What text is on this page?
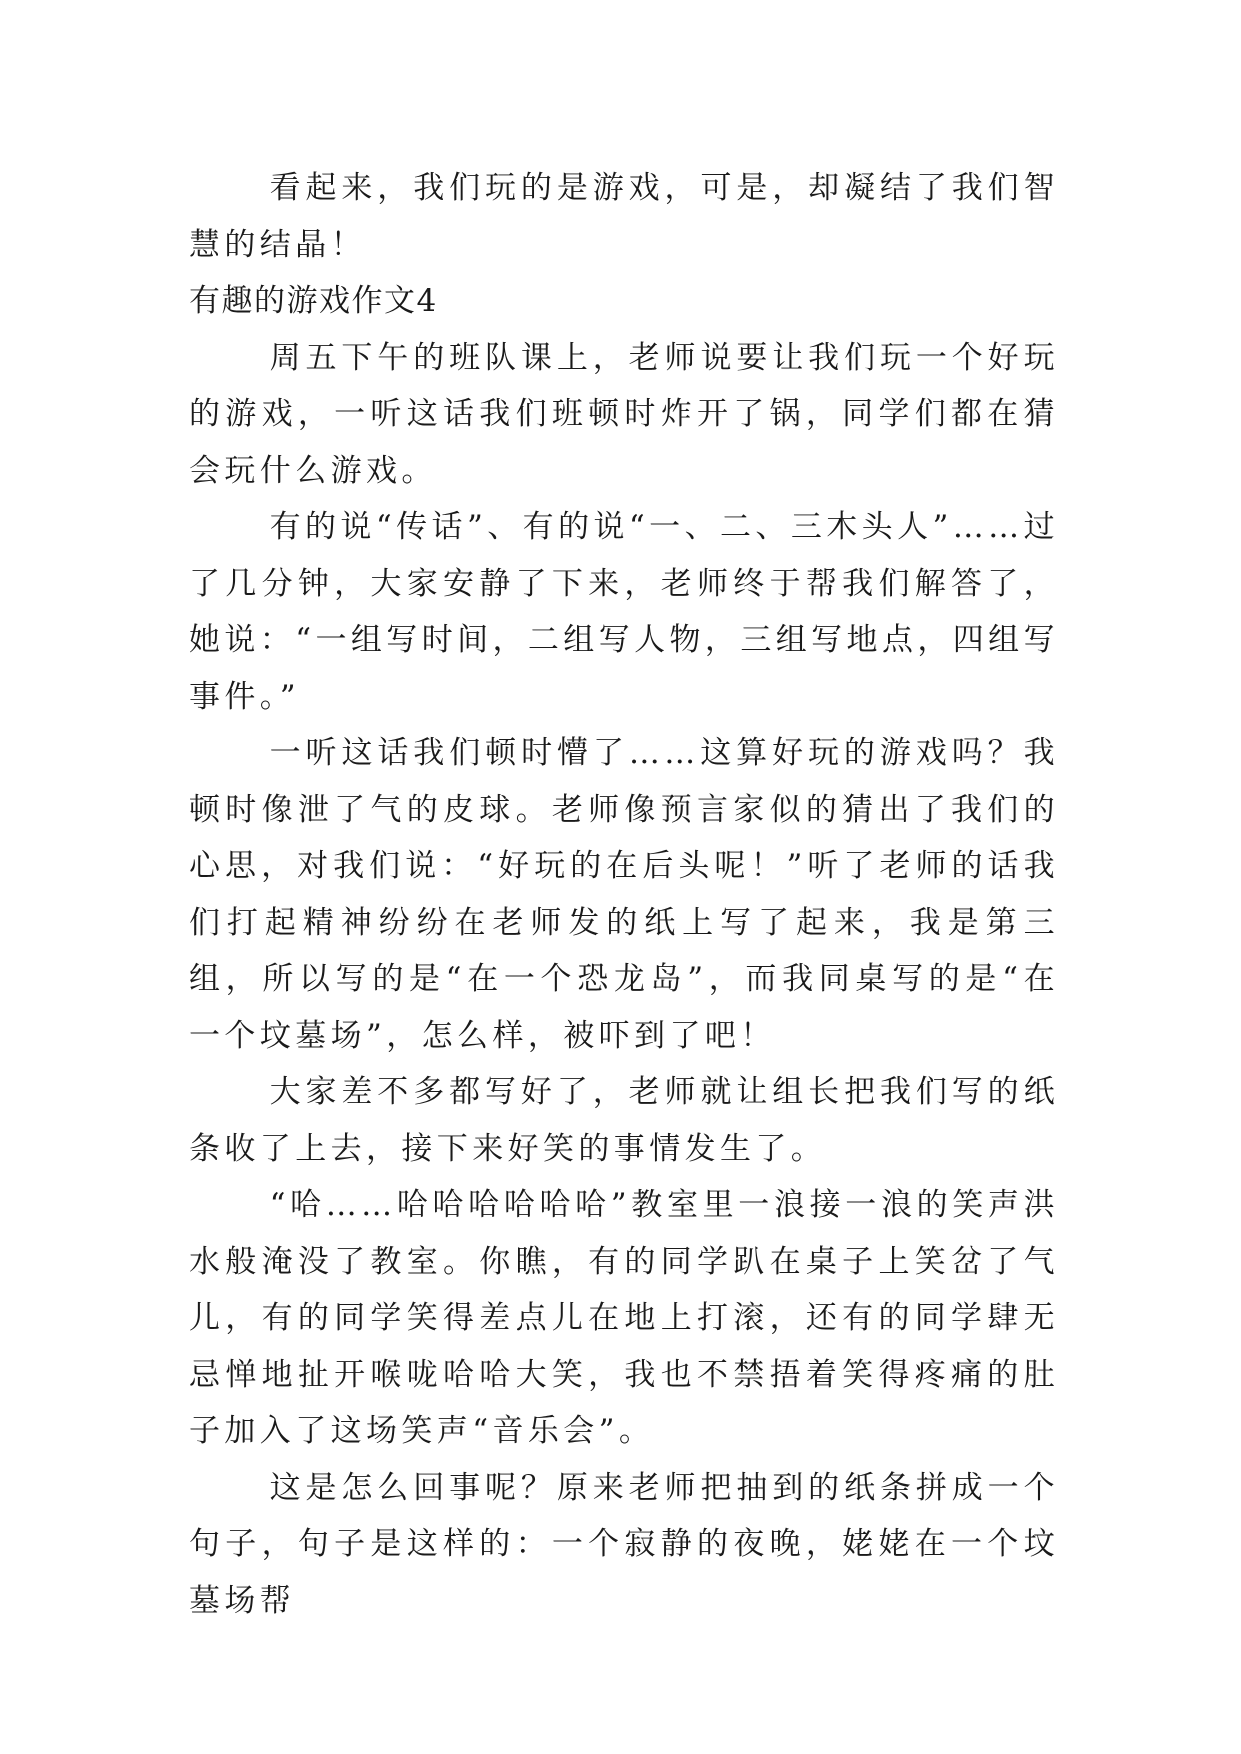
看起来，我们玩的是游戏，可是，却凝结了我们智慧的结晶！

有趣的游戏作文4

周五下午的班队课上，老师说要让我们玩一个好玩的游戏，一听这话我们班顿时炸开了锅，同学们都在猜会玩什么游戏。

有的说“传话”、有的说“一、二、三木头人”……过了几分钟，大家安静了下来，老师终于帮我们解答了，她说：“一组写时间，二组写人物，三组写地点，四组写事件。”

一听这话我们顿时懵了……这算好玩的游戏吗？我顿时像泄了气的皮球。老师像预言家似的猜出了我们的心思，对我们说：“好玩的在后头呢！”听了老师的话我们打起精神纷纷在老师发的纸上写了起来，我是第三组，所以写的是“在一个恐龙岛”，而我同桌写的是“在一个坟墓场”，怎么样，被吓到了吧！

大家差不多都写好了，老师就让组长把我们写的纸条收了上去，接下来好笑的事情发生了。

“哈……哈哈哈哈哈哈”教室里一浪接一浪的笑声洪水般淹没了教室。你瞧，有的同学趴在桌子上笑岔了气儿，有的同学笑得差点儿在地上打滚，还有的同学肆无忌惮地扯开喉咙哈哈大笑，我也不禁捂着笑得疼痛的肚子加入了这场笑声“音乐会”。

这是怎么回事呢？原来老师把抽到的纸条拼成一个句子，句子是这样的：一个寂静的夜晚，姥姥在一个坟墓场帮
